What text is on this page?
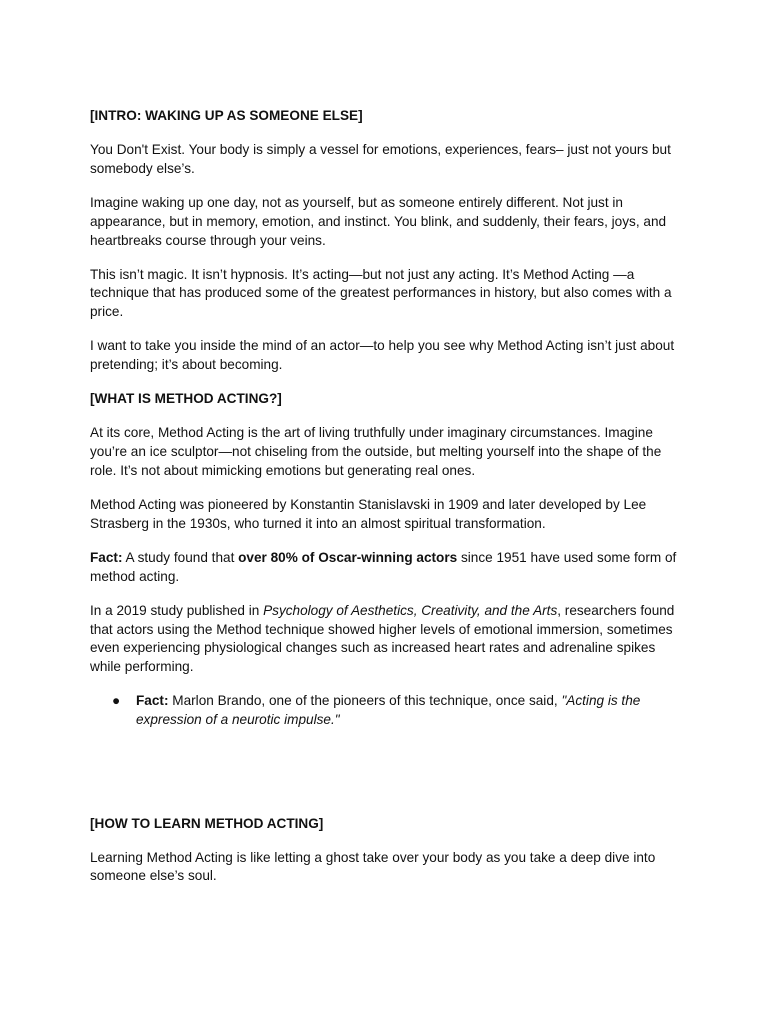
[INTRO: WAKING UP AS SOMEONE ELSE]

You Don't Exist. Your body is simply a vessel for emotions, experiences, fears– just not yours but somebody else’s.

Imagine waking up one day, not as yourself, but as someone entirely different. Not just in appearance, but in memory, emotion, and instinct. You blink, and suddenly, their fears, joys, and heartbreaks course through your veins.

This isn’t magic. It isn’t hypnosis. It’s acting—but not just any acting. It’s Method Acting —a technique that has produced some of the greatest performances in history, but also comes with a price.

I want to take you inside the mind of an actor—to help you see why Method Acting isn’t just about pretending; it’s about becoming.

[WHAT IS METHOD ACTING?]

At its core, Method Acting is the art of living truthfully under imaginary circumstances. Imagine you’re an ice sculptor—not chiseling from the outside, but melting yourself into the shape of the role. It’s not about mimicking emotions but generating real ones.

Method Acting was pioneered by Konstantin Stanislavski in 1909 and later developed by Lee Strasberg in the 1930s, who turned it into an almost spiritual transformation.

Fact: A study found that over 80% of Oscar-winning actors since 1951 have used some form of method acting.

In a 2019 study published in Psychology of Aesthetics, Creativity, and the Arts, researchers found that actors using the Method technique showed higher levels of emotional immersion, sometimes even experiencing physiological changes such as increased heart rates and adrenaline spikes while performing.

● Fact: Marlon Brando, one of the pioneers of this technique, once said, "Acting is the expression of a neurotic impulse."

[HOW TO LEARN METHOD ACTING]

Learning Method Acting is like letting a ghost take over your body as you take a deep dive into someone else’s soul.
